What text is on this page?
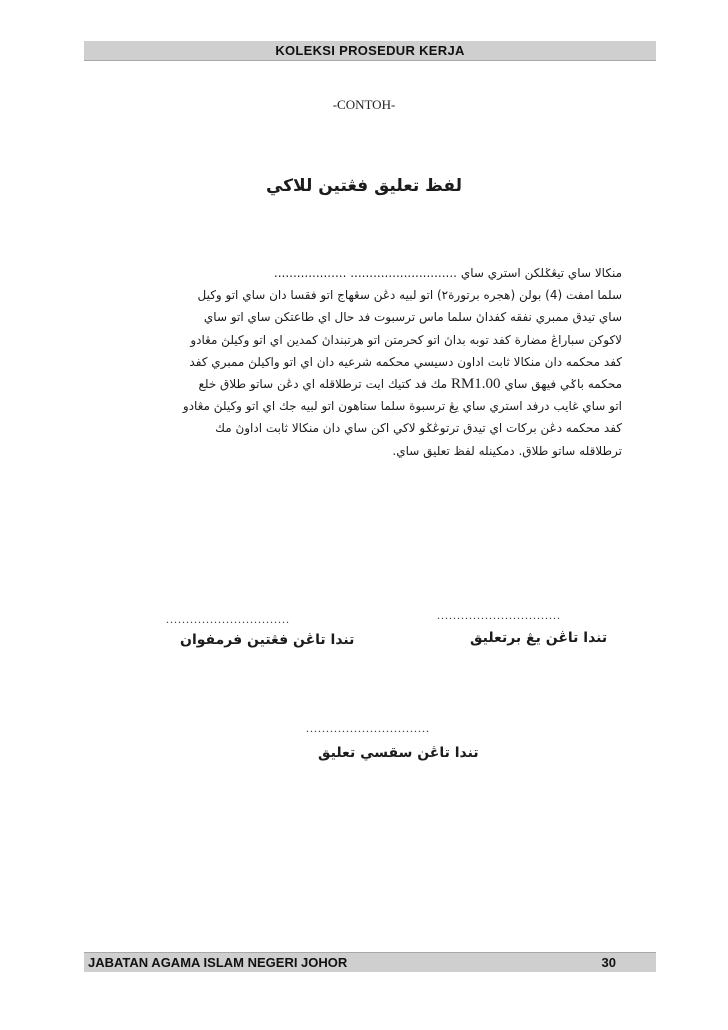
KOLEKSI PROSEDUR KERJA
-CONTOH-
لفظ تعليق فڠتين للاكي
منكالا ساي تيڠݢلكن استري ساي ............................ ...................
سلما امفت (4) بولن (هجره برتورة٢) اتو لبيه دڠن سڠهاج اتو فقسا دان ساي اتو وكيل
ساي تيدق ممبري نفقه كفداڽ سلما ماس ترسبوت فد حال اي طاعتكن ساي اتو ساي
لاكوكن سباراڠ مضارة كفد توبه بداڽ اتو كحرمتن اتو هرتبنداڽ كمدين اي اتو وكيلڽ مڠادو
كفد محكمه دان منكالا ثابت اداون دسيسي محكمه شرعيه دان اي اتو واكيلڽ ممبري كفد
محكمه باݢي فيهق ساي RM1.00 مك فد كتيك ايت ترطلاقله اي دڠن ساتو طلاق خلع
اتو ساي غايب درفد استري ساي يڠ ترسبوة سلما ستاهون اتو لبيه جك اي اتو وكيلڽ مڠادو
كفد محكمه دڠن بركات اي تيدق ترتوڠݢو لاكي اكن ساي دان منكالا ثابت اداوڽ مك
ترطلاقله ساتو طلاق. دمكينله لفظ تعليق ساي.
...............................
تندا تاڠن يڠ برتعليق
...............................
تندا تاڠن فڠتين فرمفوان
...............................
تندا تاڠن سقسي تعليق
JABATAN AGAMA ISLAM NEGERI JOHOR	30
